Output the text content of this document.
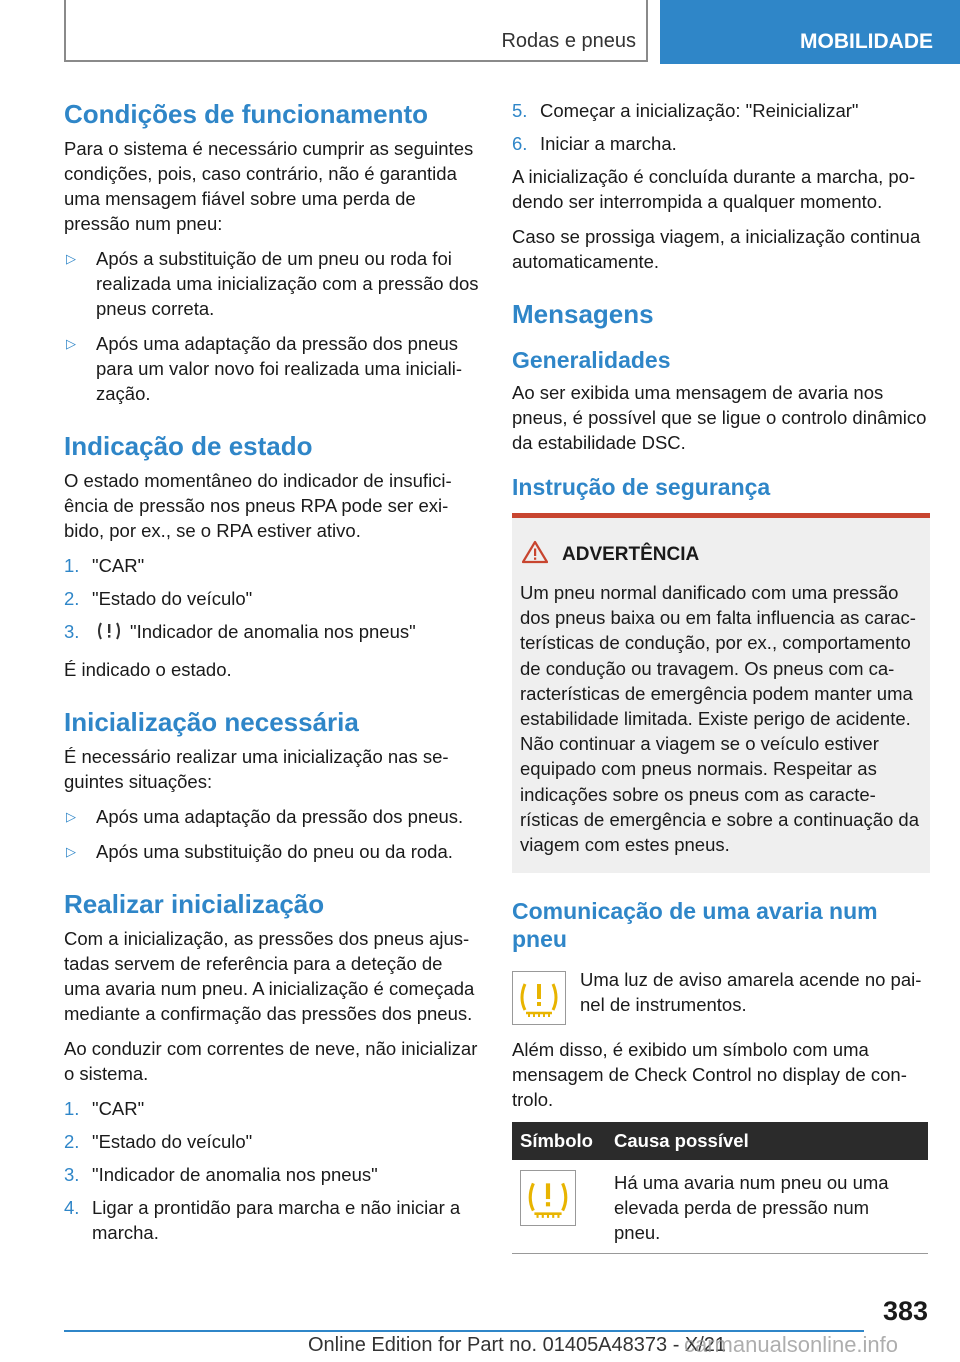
Rodas e pneus	MOBILIDADE
Condições de funcionamento

Para o sistema é necessário cumprir as seguintes condições, pois, caso contrário, não é garantida uma mensagem fiável sobre uma perda de pressão num pneu:

▷	Após a substituição de um pneu ou roda foi realizada uma inicialização com a pressão dos pneus correta.
▷	Após uma adaptação da pressão dos pneus para um valor novo foi realizada uma inicialização.
Indicação de estado

O estado momentâneo do indicador de insuficiência de pressão nos pneus RPA pode ser exibido, por ex., se o RPA estiver ativo.

1. "CAR"
2. "Estado do veículo"
3.	"Indicador de anomalia nos pneus"

É indicado o estado.

Inicialização necessária

É necessário realizar uma inicialização nas seguintes situações:

▷	Após uma adaptação da pressão dos pneus.
▷	Após uma substituição do pneu ou da roda.
Realizar inicialização

Com a inicialização, as pressões dos pneus ajustadas servem de referência para a deteção de uma avaria num pneu. A inicialização é começada mediante a confirmação das pressões dos pneus.

Ao conduzir com correntes de neve, não inicializar o sistema.

1. "CAR"
2. "Estado do veículo"
3. "Indicador de anomalia nos pneus"
4. Ligar a prontidão para marcha e não iniciar a marcha.
5. Começar a inicialização: "Reinicializar"
6. Iniciar a marcha.

A inicialização é concluída durante a marcha, podendo ser interrompida a qualquer momento.

Caso se prossiga viagem, a inicialização continua automaticamente.

Mensagens
Generalidades

Ao ser exibida uma mensagem de avaria nos pneus, é possível que se ligue o controlo dinâmico da estabilidade DSC.

Instrução de segurança
ADVERTÊNCIA

Um pneu normal danificado com uma pressão dos pneus baixa ou em falta influencia as características de condução, por ex., comportamento de condução ou travagem. Os pneus com características de emergência podem manter uma estabilidade limitada. Existe perigo de acidente. Não continuar a viagem se o veículo estiver equipado com pneus normais. Respeitar as indicações sobre os pneus com as características de emergência e sobre a continuação da viagem com estes pneus.

Comunicação de uma avaria num pneu

Uma luz de aviso amarela acende no painel de instrumentos.

Além disso, é exibido um símbolo com uma mensagem de Check Control no display de controlo.

Símbolo	Causa possível

	Há uma avaria num pneu ou uma elevada perda de pressão num pneu.
383
Online Edition for Part no. 01405A48373 - X/21
carmanualsonline.info
